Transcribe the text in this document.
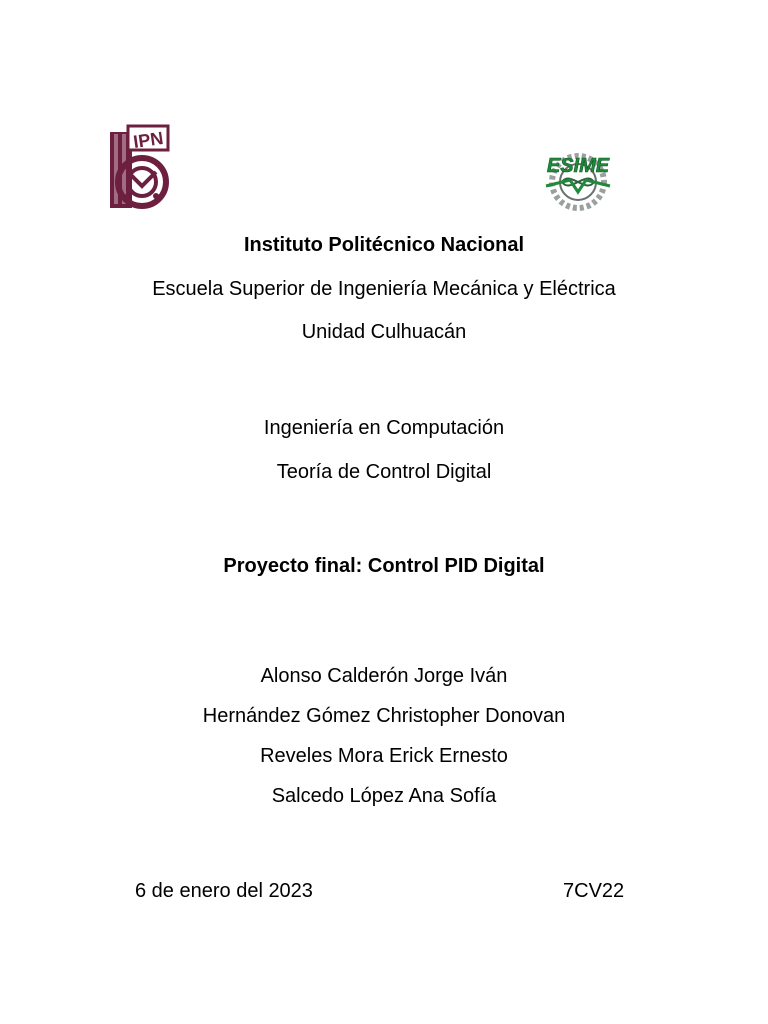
IPN
ESIME
Instituto Politécnico Nacional
Escuela Superior de Ingeniería Mecánica y Eléctrica
Unidad Culhuacán
Ingeniería en Computación
Teoría de Control Digital
Proyecto final: Control PID Digital
Alonso Calderón Jorge Iván
Hernández Gómez Christopher Donovan
Reveles Mora Erick Ernesto
Salcedo López Ana Sofía
6 de enero del 2023	7CV22
